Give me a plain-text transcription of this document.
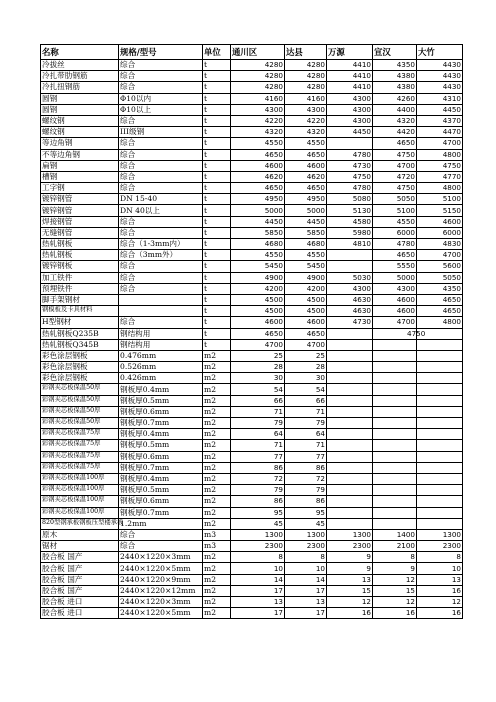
名称	规格/型号	单位	通川区	达县	万源	宣汉	大竹
冷拔丝	综合	t	4280	4280	4410	4350	4430
冷扎带肋钢筋	综合	t	4280	4280	4410	4380	4430
冷扎扭钢筋	综合	t	4280	4280	4410	4380	4430
圆钢	Φ10以内	t	4160	4160	4300	4260	4310
圆钢	Φ10以上	t	4300	4300	4300	4400	4450
螺纹钢	综合	t	4220	4220	4300	4320	4370
螺纹钢	III级钢	t	4320	4320	4450	4420	4470
等边角钢	综合	t	4550	4550		4650	4700
不等边角钢	综合	t	4650	4650	4780	4750	4800
扁钢	综合	t	4600	4600	4730	4700	4750
槽钢	综合	t	4620	4620	4750	4720	4770
工字钢	综合	t	4650	4650	4780	4750	4800
镀锌钢管	DN 15-40	t	4950	4950	5080	5050	5100
镀锌钢管	DN 40以上	t	5000	5000	5130	5100	5150
焊接钢管	综合	t	4450	4450	4580	4550	4600
无缝钢管	综合	t	5850	5850	5980	6000	6000
热轧钢板	综合（1-3mm内）	t	4680	4680	4810	4780	4830
热轧钢板	综合（3mm外）	t	4550	4550		4650	4700
镀锌钢板	综合	t	5450	5450		5550	5600
加工铁件	综合	t	4900	4900	5030	5000	5050
预埋铁件	综合	t	4200	4200	4300	4300	4350
脚手架钢材		t	4500	4500	4630	4600	4650
钢模板及卡具材料		t	4500	4500	4630	4600	4650
H型钢材	综合	t	4600	4600	4730	4700	4800
热轧钢板Q235B	钢结构用	t	4650	4650		4750	
热轧钢板Q345B	钢结构用	t	4700	4700			
彩色涂层钢板	0.476mm	m2	25	25			
彩色涂层钢板	0.526mm	m2	28	28			
彩色涂层钢板	0.426mm	m2	30	30			
彩钢夹芯板保温50厚	钢板厚0.4mm	m2	54	54			
彩钢夹芯板保温50厚	钢板厚0.5mm	m2	66	66			
彩钢夹芯板保温50厚	钢板厚0.6mm	m2	71	71			
彩钢夹芯板保温50厚	钢板厚0.7mm	m2	79	79			
彩钢夹芯板保温75厚	钢板厚0.4mm	m2	64	64			
彩钢夹芯板保温75厚	钢板厚0.5mm	m2	71	71			
彩钢夹芯板保温75厚	钢板厚0.6mm	m2	77	77			
彩钢夹芯板保温75厚	钢板厚0.7mm	m2	86	86			
彩钢夹芯板保温100厚	钢板厚0.4mm	m2	72	72			
彩钢夹芯板保温100厚	钢板厚0.5mm	m2	79	79			
彩钢夹芯板保温100厚	钢板厚0.6mm	m2	86	86			
彩钢夹芯板保温100厚	钢板厚0.7mm	m2	95	95			
820型钢承板钢板压型楼承板	1.2mm	m2	45	45			
原木	综合	m3	1300	1300	1300	1400	1300
锯材	综合	m3	2300	2300	2300	2100	2300
胶合板 国产	2440×1220×3mm	m2	8	8	9	8	8
胶合板 国产	2440×1220×5mm	m2	10	10	9	9	10
胶合板 国产	2440×1220×9mm	m2	14	14	13	12	13
胶合板 国产	2440×1220×12mm	m2	17	17	15	15	16
胶合板 进口	2440×1220×3mm	m2	13	13	12	12	12
胶合板 进口	2440×1220×5mm	m2	17	17	16	16	16
